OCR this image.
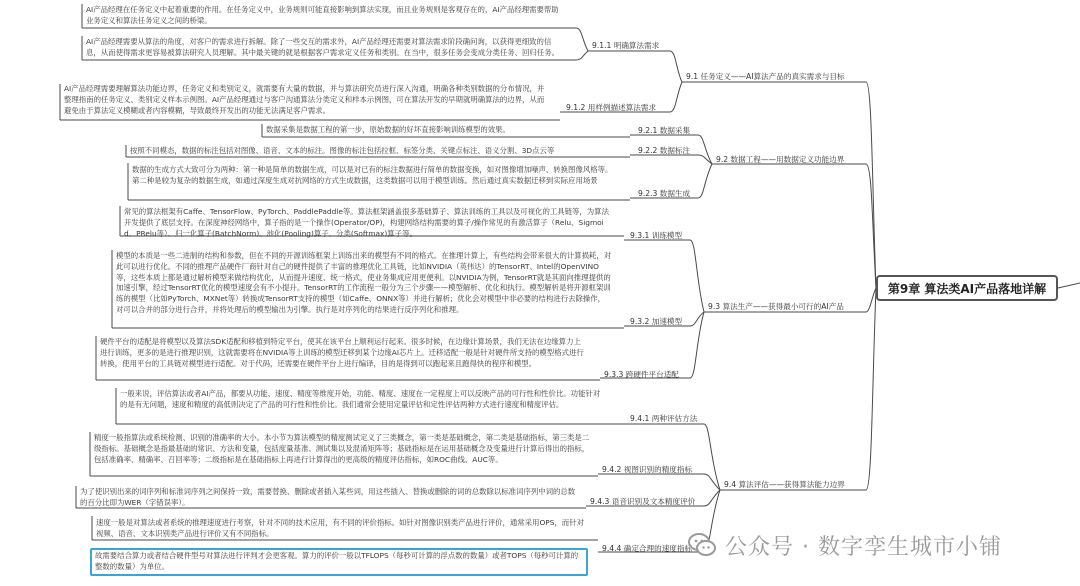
AI产品经理在任务定义中起着重要的作用。在任务定义中，业务规则可能直接影响到算法实现，而且业务规则是客观存在的，AI产品经理需要帮助业务定义和算法任务定义之间的桥梁。
AI产品经理需要从算法的角度，对客户的需求进行拆解。除了一些交互的需求外，AI产品经理还需要对算法需求阶段确问询，以获得更细致的信息，从而使得需求更容易被算法研究人员理解。其中最关键的就是根据客户需求定义任务和类别。在当中，很多任务会变成分类任务、回归任务。
AI产品经理需要理解算法功能边界，任务定义和类别定义，就需要有大量的数据，并与算法研究员进行深入沟通，明确各种类别数据的分布情况，并整理指南的任务定义、类别定义样本示例图。AI产品经理通过与客户沟通算法分类定义和样本示例图，可在算法开发的早期就明确算法的边界，从而避免由于算法定义模糊或者内容模糊，导致最终开发出的功能无法满足客户需求。
数据采集是数据工程的第一步，原始数据的好坏直接影响训练模型的效果。
按照不同模态，数据的标注包括对图像、语音、文本的标注。图像的标注包括拉框、标签分类、关键点标注、语义分割、3D点云等
数据的生成方式大致可分为两种：第一种是简单的数据生成，可以是对已有的标注数据进行简单的数据变换，如对图像增加噪声、转换图像风格等。第二种是较为复杂的数据生成，如通过深度生成对抗网络的方式生成数据，这类数据可以用于模型训练。然后通过真实数据迁移到实际应用场景
常见的算法框架有Caffe、TensorFlow、PyTorch、PaddlePaddle等。算法框架涵盖很多基础算子、算法训练的工具以及可视化的工具链等，为算法开发提供了底层支持。在深度神经网络中，算子指的是一个操作(Operator/OP)，构建网络结构需要的算子/操作常见的有激活算子（Relu、Sigmoid、PRelu等）、归一化算子(BatchNorm)、池化(Pooling)算子、分类(Softmax)算子等。
模型的本质是一些二进制的结构和参数，但在不同的开源训练框架上训练出来的模型有不同的格式。在推理计算上，有些结构会带来很大的计算损耗，对此可以进行优化。不同的推理产品硬件厂商针对自己的硬件提供了丰富的推理优化工具链，比如NVIDIA（英伟达）的TensorRT、Intel的OpenVINO等，这些本质上都是通过解析模型来做结构优化，从而提升速度、统一格式，使业务集成应用更便利。以NVIDIA为例，TensorRT就是其面向推理提供的加速引擎，经过TensorRT优化的模型速度会有不小提升。TensorRT的工作流程一般分为三个步骤——模型解析、优化和执行。模型解析是将开源框架训练的模型（比如PyTorch、MXNet等）转换成TensorRT支持的模型（如Caffe、ONNX等）并进行解析；优化会对模型中非必要的结构进行去除操作，对可以合并的部分进行合并，并将处理后的模型输出为引擎。执行是对序列化的结果进行反序列化和推理。
硬件平台的适配是将模型以及算法SDK适配和移植到特定平台，使其在该平台上顺利运行起来。很多时候，在边缘计算场景，我们无法在边缘算力上进行训练，更多的是进行推理识别，这就需要将在NVIDIA等上训练的模型迁移到某个边缘AI芯片上。迁移适配一般是针对硬件所支持的模型格式进行转换，使用平台的工具链对模型进行适配。对于代码，还需要在硬件平台上进行编译，目的是得到可以跑起来且跑得快的程序和模型。
一般来说，评估算法或者AI产品，都要从功能、速度、精度等维度开始，功能、精度、速度在一定程度上可以反映产品的可行性和性价比。功能针对的是有无问题，速度和精度的高低则决定了产品的可行性和性价比。我们通常会使用定量评估和定性评估两种方式进行速度和精度评估。
精度一般指算法或系统检测、识别的准确率的大小。本小节为算法模型的精度测试定义了三类概念，第一类是基础概念，第二类是基础指标，第三类是二级指标。基础概念是指最基础的常识、方法和变量，包括度量基准、测试集以及混淆矩阵等；基础指标是在运用基础概念及变量进行计算后得出的指标，包括准确率、精确率、召回率等；二级指标是在基础指标上再进行计算得出的更高级的精度评估指标，如ROC曲线、AUC等。
为了使识别出来的词序列和标准词序列之间保持一致，需要替换、删除或者插入某些词，用这些插入、替换或删除的词的总数除以标准词序列中词的总数的百分比即为WER（字错误率）。
速度一般是对算法或者系统的推理速度进行考察，针对不同的技术应用，有不同的评价指标。如针对图像识别类产品进行评价，通常采用OPS，而针对视频、语音、文本识别类产品进行评价又有不同指标。
故需要结合算力或者结合硬件型号对算法进行评判才会更客观。算力的评价一般以TFLOPS（每秒可计算的浮点数的数量）或者TOPS（每秒可计算的整数的数量）为单位。
9.1.1 明确算法需求
9.1.2 用样例描述算法需求
9.2.1 数据采集
9.2.2 数据标注
9.2.3 数据生成
9.3.1 训练模型
9.3.2 加速模型
9.3.3 跨硬件平台适配
9.4.1 两种评估方法
9.4.2 视图识别的精度指标
9.4.3 语音识别及文本精度评价
9.4.4 确定合理的速度指标
9.1 任务定义——AI算法产品的真实需求与目标
9.2 数据工程——用数据定义功能边界
9.3 算法生产——获得最小可行的AI产品
9.4 算法评估——获得算法能力边界
第9章 算法类AI产品落地详解
公众号 · 数字孪生城市小铺
